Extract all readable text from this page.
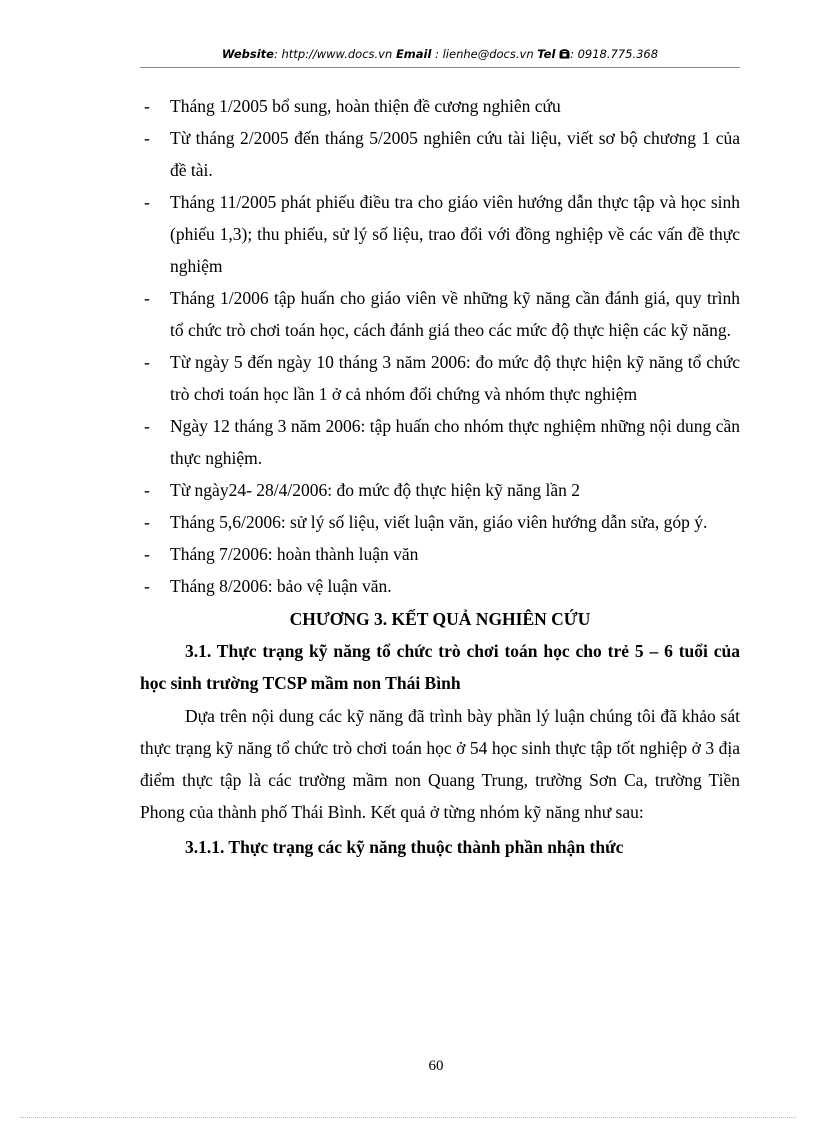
Website: http://www.docs.vn Email : lienhe@docs.vn Tel : 0918.775.368
- Tháng 1/2005 bổ sung, hoàn thiện đề cương nghiên cứu
- Từ tháng 2/2005 đến tháng 5/2005 nghiên cứu tài liệu, viết sơ bộ chương 1 của đề tài.
- Tháng 11/2005 phát phiếu điều tra cho giáo viên hướng dẫn thực tập và học sinh (phiếu 1,3); thu phiếu, sử lý số liệu, trao đổi với đồng nghiệp về các vấn đề thực nghiệm
- Tháng 1/2006 tập huấn cho giáo viên về những kỹ năng cần đánh giá, quy trình tổ chức trò chơi toán học, cách đánh giá theo các mức độ thực hiện các kỹ năng.
- Từ ngày 5 đến ngày 10 tháng 3 năm 2006: đo mức độ thực hiện kỹ năng tổ chức trò chơi toán học lần 1 ở cả nhóm đối chứng và nhóm thực nghiệm
- Ngày 12 tháng 3 năm 2006: tập huấn cho nhóm thực nghiệm những nội dung cần thực nghiệm.
- Từ ngày24- 28/4/2006: đo mức độ thực hiện kỹ năng lần 2
- Tháng 5,6/2006: sử lý số liệu, viết luận văn, giáo viên hướng dẫn sửa, góp ý.
- Tháng 7/2006: hoàn thành luận văn
- Tháng 8/2006: bảo vệ luận văn.
CHƯƠNG 3. KẾT QUẢ NGHIÊN CỨU
3.1. Thực trạng kỹ năng tổ chức trò chơi toán học cho trẻ 5 – 6 tuổi của học sinh trường TCSP mầm non Thái Bình
Dựa trên nội dung các kỹ năng đã trình bày phần lý luận chúng tôi đã khảo sát thực trạng kỹ năng tổ chức trò chơi toán học ở 54 học sinh thực tập tốt nghiệp ở 3 địa điểm thực tập là các trường mầm non Quang Trung, trường Sơn Ca, trường Tiền Phong của thành phố Thái Bình. Kết quả ở từng nhóm kỹ năng như sau:
3.1.1. Thực trạng các kỹ năng thuộc thành phần nhận thức
60
